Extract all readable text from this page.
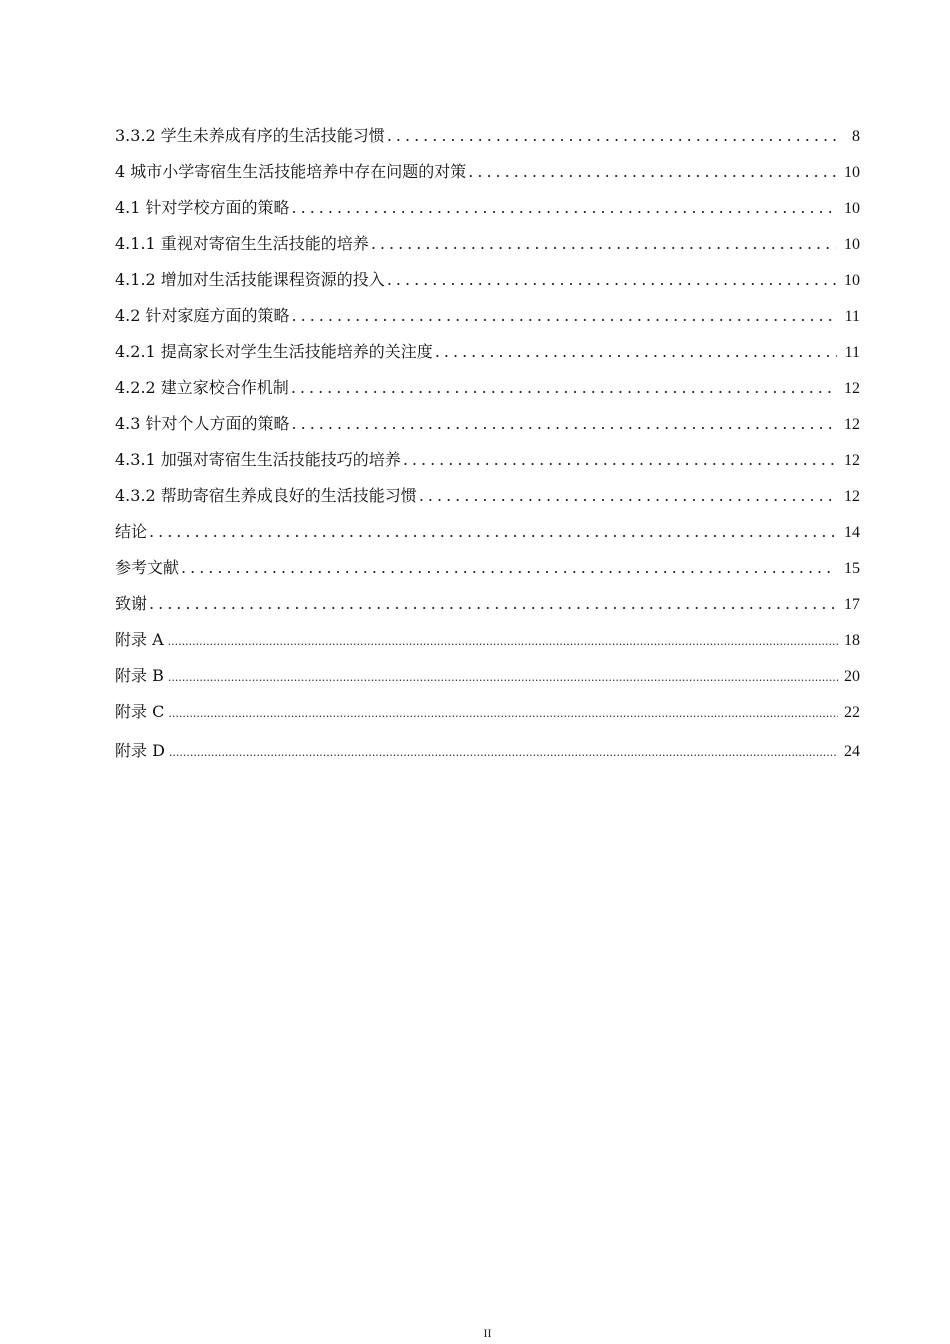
3.3.2 学生未养成有序的生活技能习惯 .....	8
4 城市小学寄宿生生活技能培养中存在问题的对策 .....	10
4.1 针对学校方面的策略 .....	10
4.1.1 重视对寄宿生生活技能的培养 .....	10
4.1.2 增加对生活技能课程资源的投入 .....	10
4.2 针对家庭方面的策略 .....	11
4.2.1 提高家长对学生生活技能培养的关注度 .....	11
4.2.2 建立家校合作机制 .....	12
4.3 针对个人方面的策略 .....	12
4.3.1 加强对寄宿生生活技能技巧的培养 .....	12
4.3.2 帮助寄宿生养成良好的生活技能习惯 .....	12
结论 .....	14
参考文献 .....	15
致谢 .....	17
附录 A .....	18
附录 B .....	20
附录 C .....	22
附录 D .....	24
II
